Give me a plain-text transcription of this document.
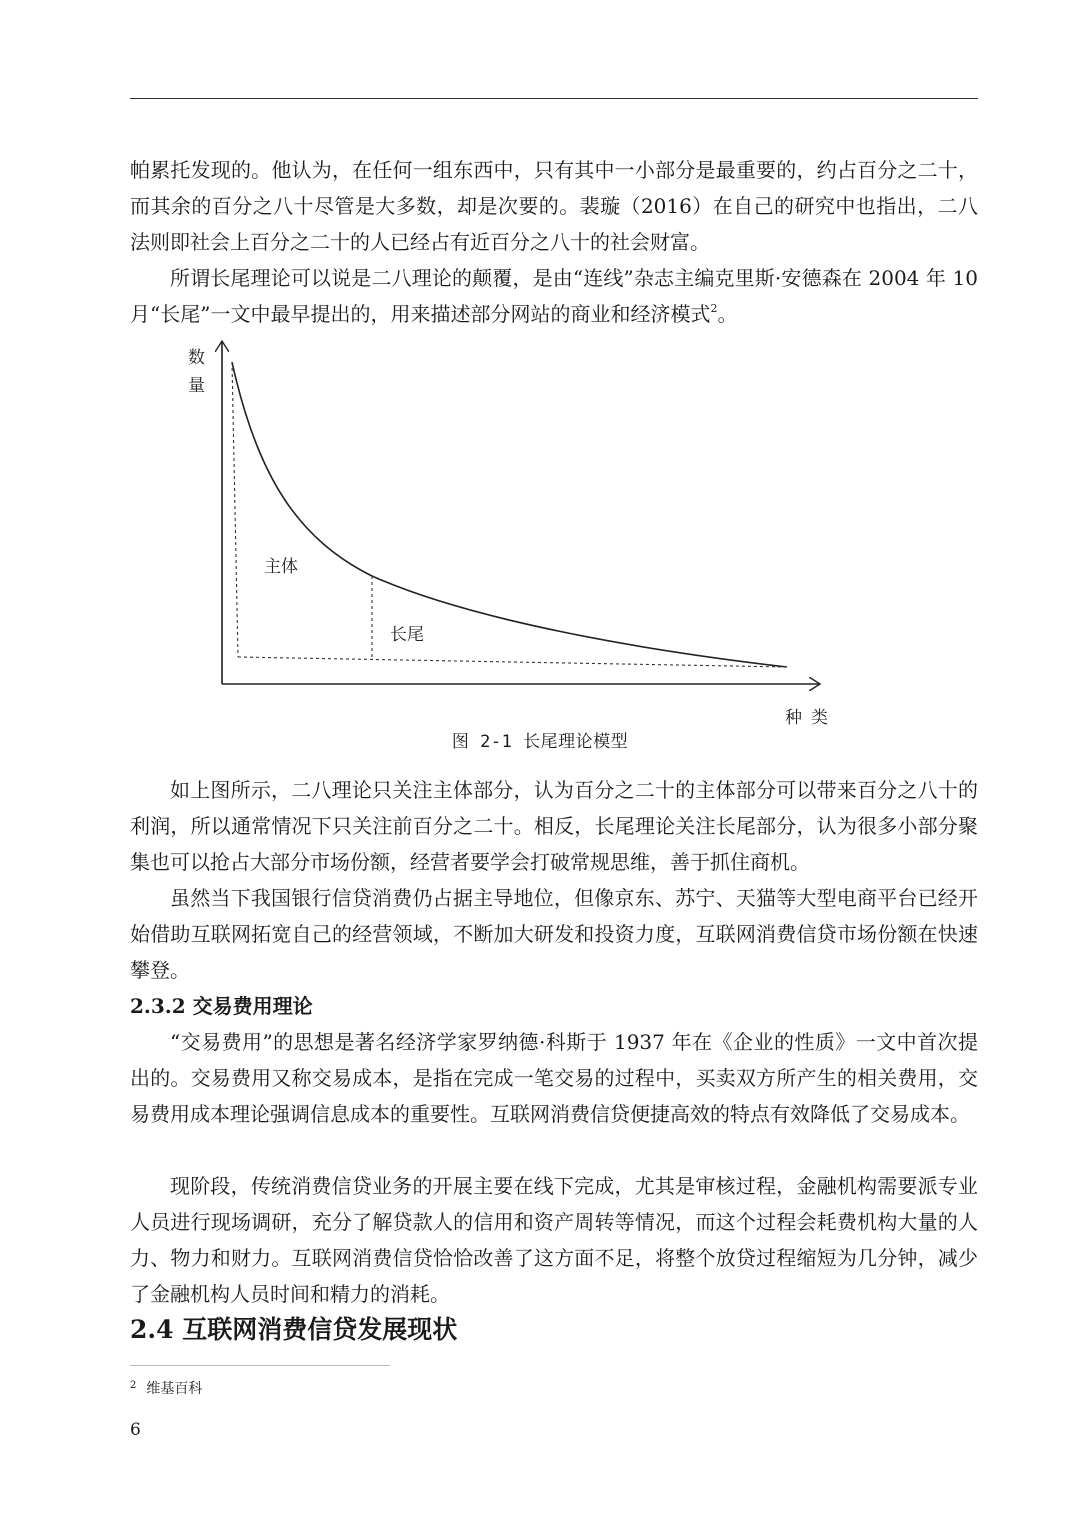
帕累托发现的。他认为，在任何一组东西中，只有其中一小部分是最重要的，约占百分之二十，而其余的百分之八十尽管是大多数，却是次要的。裴璇（2016）在自己的研究中也指出，二八法则即社会上百分之二十的人已经占有近百分之八十的社会财富。

所谓长尾理论可以说是二八理论的颠覆，是由“连线”杂志主编克里斯·安德森在 2004 年 10 月“长尾”一文中最早提出的，用来描述部分网站的商业和经济模式$^2$。

数
量
种类
主体
长尾
图 2-1 长尾理论模型

如上图所示，二八理论只关注主体部分，认为百分之二十的主体部分可以带来百分之八十的利润，所以通常情况下只关注前百分之二十。相反，长尾理论关注长尾部分，认为很多小部分聚集也可以抢占大部分市场份额，经营者要学会打破常规思维，善于抓住商机。

虽然当下我国银行信贷消费仍占据主导地位，但像京东、苏宁、天猫等大型电商平台已经开始借助互联网拓宽自己的经营领域，不断加大研发和投资力度，互联网消费信贷市场份额在快速攀登。

2.3.2 交易费用理论

“交易费用”的思想是著名经济学家罗纳德·科斯于 1937 年在《企业的性质》一文中首次提出的。交易费用又称交易成本，是指在完成一笔交易的过程中，买卖双方所产生的相关费用，交易费用成本理论强调信息成本的重要性。互联网消费信贷便捷高效的特点有效降低了交易成本。

现阶段，传统消费信贷业务的开展主要在线下完成，尤其是审核过程，金融机构需要派专业人员进行现场调研，充分了解贷款人的信用和资产周转等情况，而这个过程会耗费机构大量的人力、物力和财力。互联网消费信贷恰恰改善了这方面不足，将整个放贷过程缩短为几分钟，减少了金融机构人员时间和精力的消耗。

2.4 互联网消费信贷发展现状

$^2$ 维基百科
6
